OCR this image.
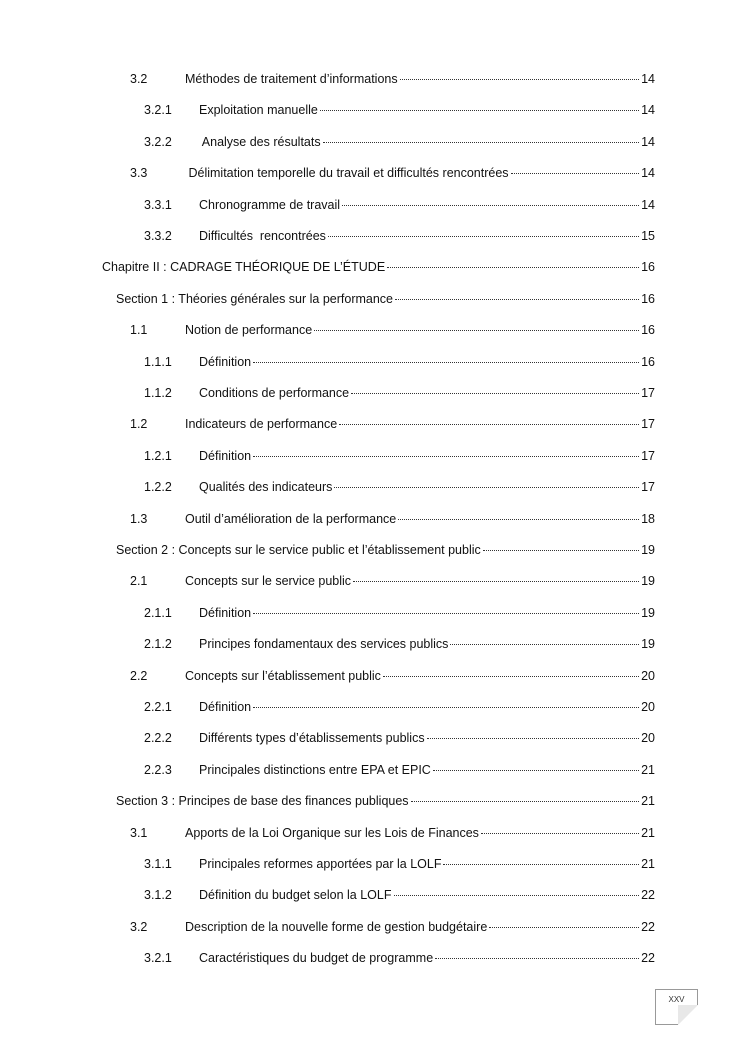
3.2	Méthodes de traitement d’informations	14
3.2.1	Exploitation manuelle	14
3.2.2	Analyse des résultats	14
3.3	Délimitation temporelle du travail et difficultés rencontrées	14
3.3.1	Chronogramme de travail	14
3.3.2	Difficultés  rencontrées	15
Chapitre II : CADRAGE THÉORIQUE DE L’ÉTUDE	16
Section 1 : Théories générales sur la performance	16
1.1	Notion de performance	16
1.1.1	Définition	16
1.1.2	Conditions de performance	17
1.2	Indicateurs de performance	17
1.2.1	Définition	17
1.2.2	Qualités des indicateurs	17
1.3	Outil d’amélioration de la performance	18
Section 2 : Concepts sur le service public et l’établissement public	19
2.1	Concepts sur le service public	19
2.1.1	Définition	19
2.1.2	Principes fondamentaux des services publics	19
2.2	Concepts sur l’établissement public	20
2.2.1	Définition	20
2.2.2	Différents types d’établissements publics	20
2.2.3	Principales distinctions entre EPA et EPIC	21
Section 3 : Principes de base des finances publiques	21
3.1	Apports de la Loi Organique sur les Lois de Finances	21
3.1.1	Principales reformes apportées par la LOLF	21
3.1.2	Définition du budget selon la LOLF	22
3.2	Description de la nouvelle forme de gestion budgétaire	22
3.2.1	Caractéristiques du budget de programme	22
XXV
